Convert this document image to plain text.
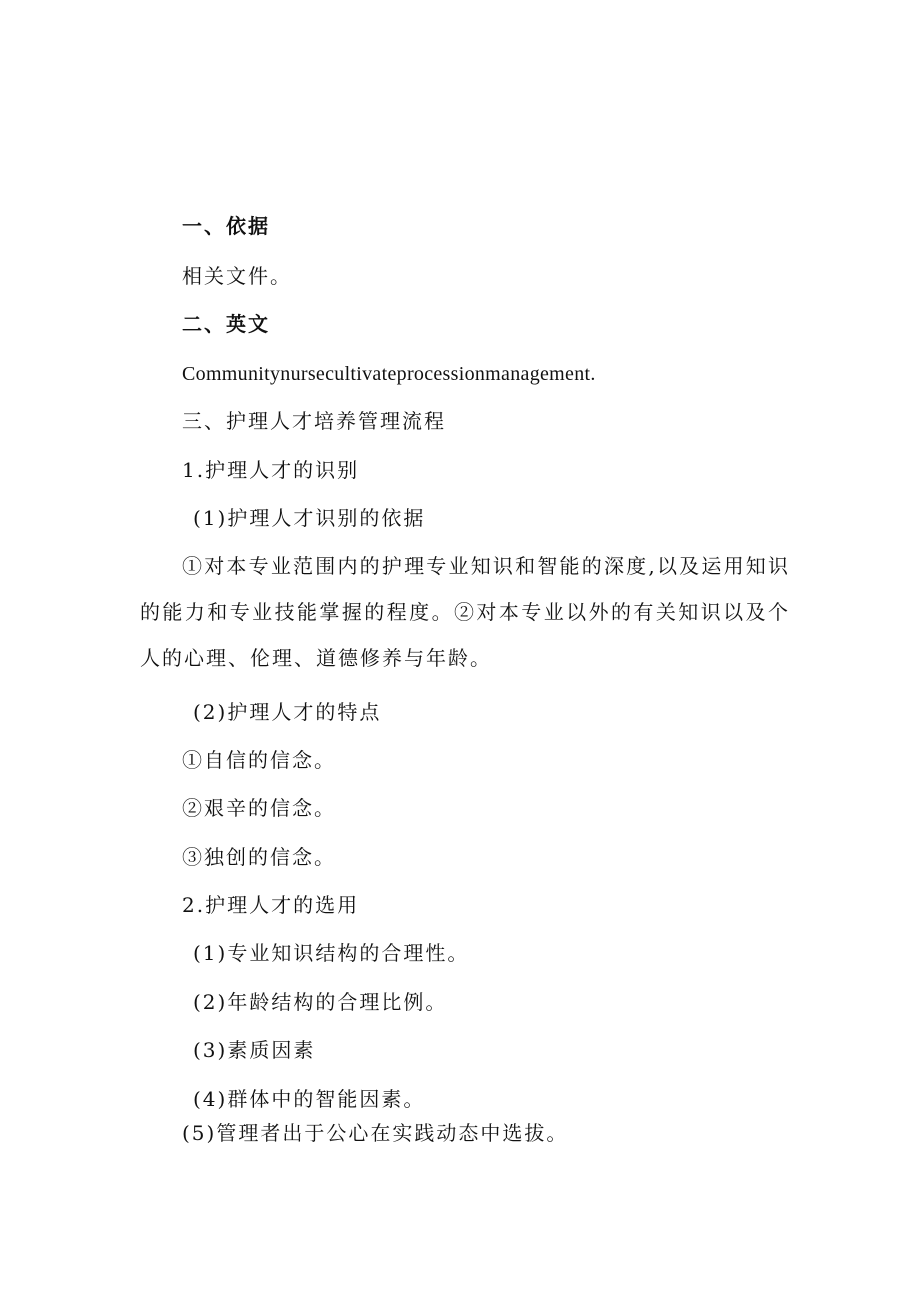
一、依据
相关文件。
二、英文
Communitynursecultivateprocessionmanagement.
三、护理人才培养管理流程
1.护理人才的识别
(1)护理人才识别的依据
①对本专业范围内的护理专业知识和智能的深度,以及运用知识的能力和专业技能掌握的程度。②对本专业以外的有关知识以及个人的心理、伦理、道德修养与年龄。
(2)护理人才的特点
①自信的信念。
②艰辛的信念。
③独创的信念。
2.护理人才的选用
(1)专业知识结构的合理性。
(2)年龄结构的合理比例。
(3)素质因素
(4)群体中的智能因素。
(5)管理者出于公心在实践动态中选拔。
